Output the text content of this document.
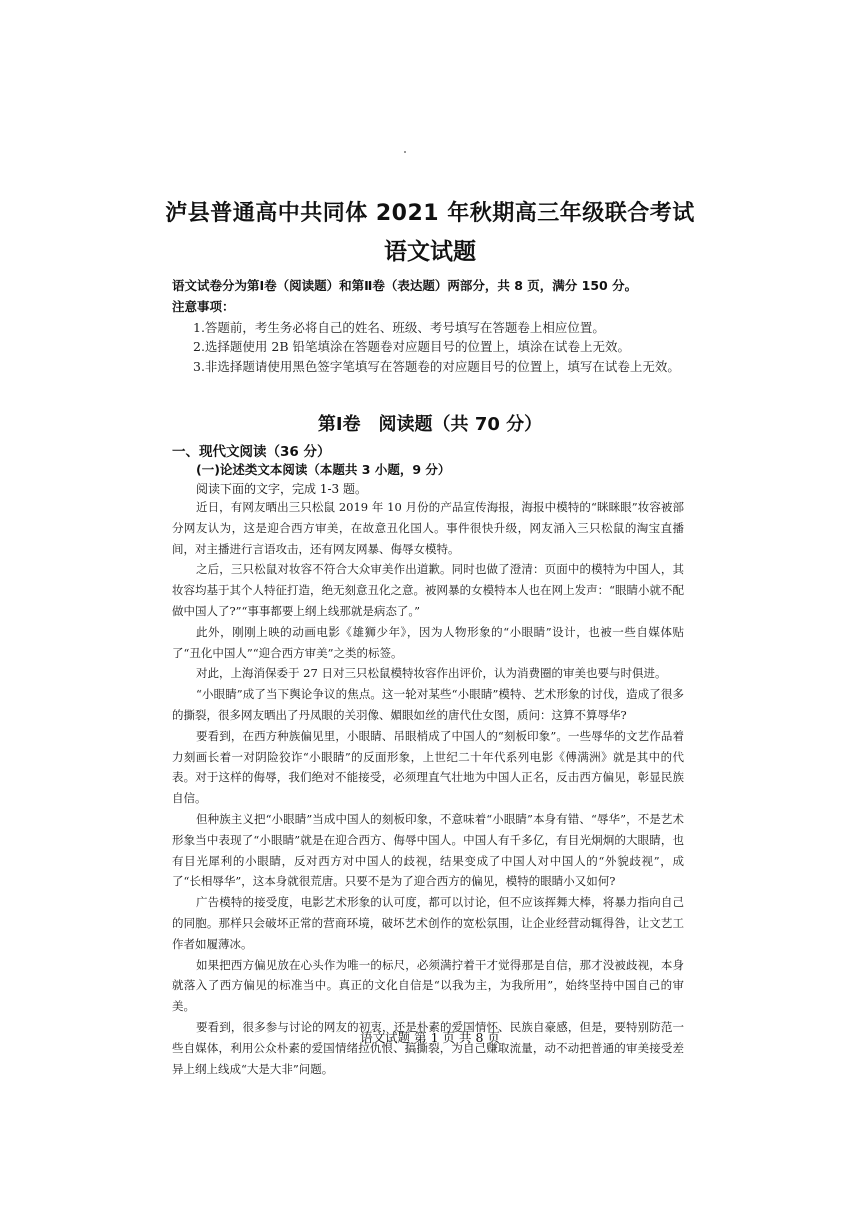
泸县普通高中共同体 2021 年秋期高三年级联合考试
语文试题
语文试卷分为第Ⅰ卷（阅读题）和第Ⅱ卷（表达题）两部分，共 8 页，满分 150 分。
注意事项：
1.答题前，考生务必将自己的姓名、班级、考号填写在答题卷上相应位置。
2.选择题使用 2B 铅笔填涂在答题卷对应题目号的位置上，填涂在试卷上无效。
3.非选择题请使用黑色签字笔填写在答题卷的对应题目号的位置上，填写在试卷上无效。
第Ⅰ卷　阅读题（共 70 分）
一、现代文阅读（36 分）
(一)论述类文本阅读（本题共 3 小题，9 分）
阅读下面的文字，完成 1-3 题。

近日，有网友晒出三只松鼠 2019 年 10 月份的产品宣传海报，海报中模特的“眯眯眼”妆容被部分网友认为，这是迎合西方审美，在故意丑化国人。事件很快升级，网友涌入三只松鼠的淘宝直播间，对主播进行言语攻击，还有网友网暴、侮辱女模特。

之后，三只松鼠对妆容不符合大众审美作出道歉。同时也做了澄清：页面中的模特为中国人，其妆容均基于其个人特征打造，绝无刻意丑化之意。被网暴的女模特本人也在网上发声：“眼睛小就不配做中国人了?”“事事都要上纲上线那就是病态了。”

此外，刚刚上映的动画电影《雄狮少年》，因为人物形象的“小眼睛”设计，也被一些自媒体贴了“丑化中国人”“迎合西方审美”之类的标签。

对此，上海消保委于 27 日对三只松鼠模特妆容作出评价，认为消费圈的审美也要与时俱进。

“小眼睛”成了当下舆论争议的焦点。这一轮对某些“小眼睛”模特、艺术形象的讨伐，造成了很多的撕裂，很多网友晒出了丹凤眼的关羽像、媚眼如丝的唐代仕女图，质问：这算不算辱华?

要看到，在西方种族偏见里，小眼睛、吊眼梢成了中国人的“刻板印象”。一些辱华的文艺作品着力刻画长着一对阴险狡诈“小眼睛”的反面形象，上世纪二十年代系列电影《傅满洲》就是其中的代表。对于这样的侮辱，我们绝对不能接受，必须理直气壮地为中国人正名，反击西方偏见，彰显民族自信。

但种族主义把“小眼睛”当成中国人的刻板印象，不意味着“小眼睛”本身有错、“辱华”，不是艺术形象当中表现了“小眼睛”就是在迎合西方、侮辱中国人。中国人有千多亿，有目光炯炯的大眼睛，也有目光犀利的小眼睛，反对西方对中国人的歧视，结果变成了中国人对中国人的“外貌歧视”，成了“长相辱华”，这本身就很荒唐。只要不是为了迎合西方的偏见，模特的眼睛小又如何?

广告模特的接受度，电影艺术形象的认可度，都可以讨论，但不应该挥舞大棒，将暴力指向自己的同胞。那样只会破坏正常的营商环境，破坏艺术创作的宽松氛围，让企业经营动辄得咎，让文艺工作者如履薄冰。

如果把西方偏见放在心头作为唯一的标尺，必须满拧着干才觉得那是自信，那才没被歧视，本身就落入了西方偏见的标准当中。真正的文化自信是“以我为主，为我所用”，始终坚持中国自己的审美。

要看到，很多参与讨论的网友的初衷，还是朴素的爱国情怀、民族自豪感，但是，要特别防范一些自媒体，利用公众朴素的爱国情绪拉仇恨、搞撕裂，为自己赚取流量，动不动把普通的审美接受差异上纲上线成“大是大非”问题。

语文试题 第 1 页 共 8 页
